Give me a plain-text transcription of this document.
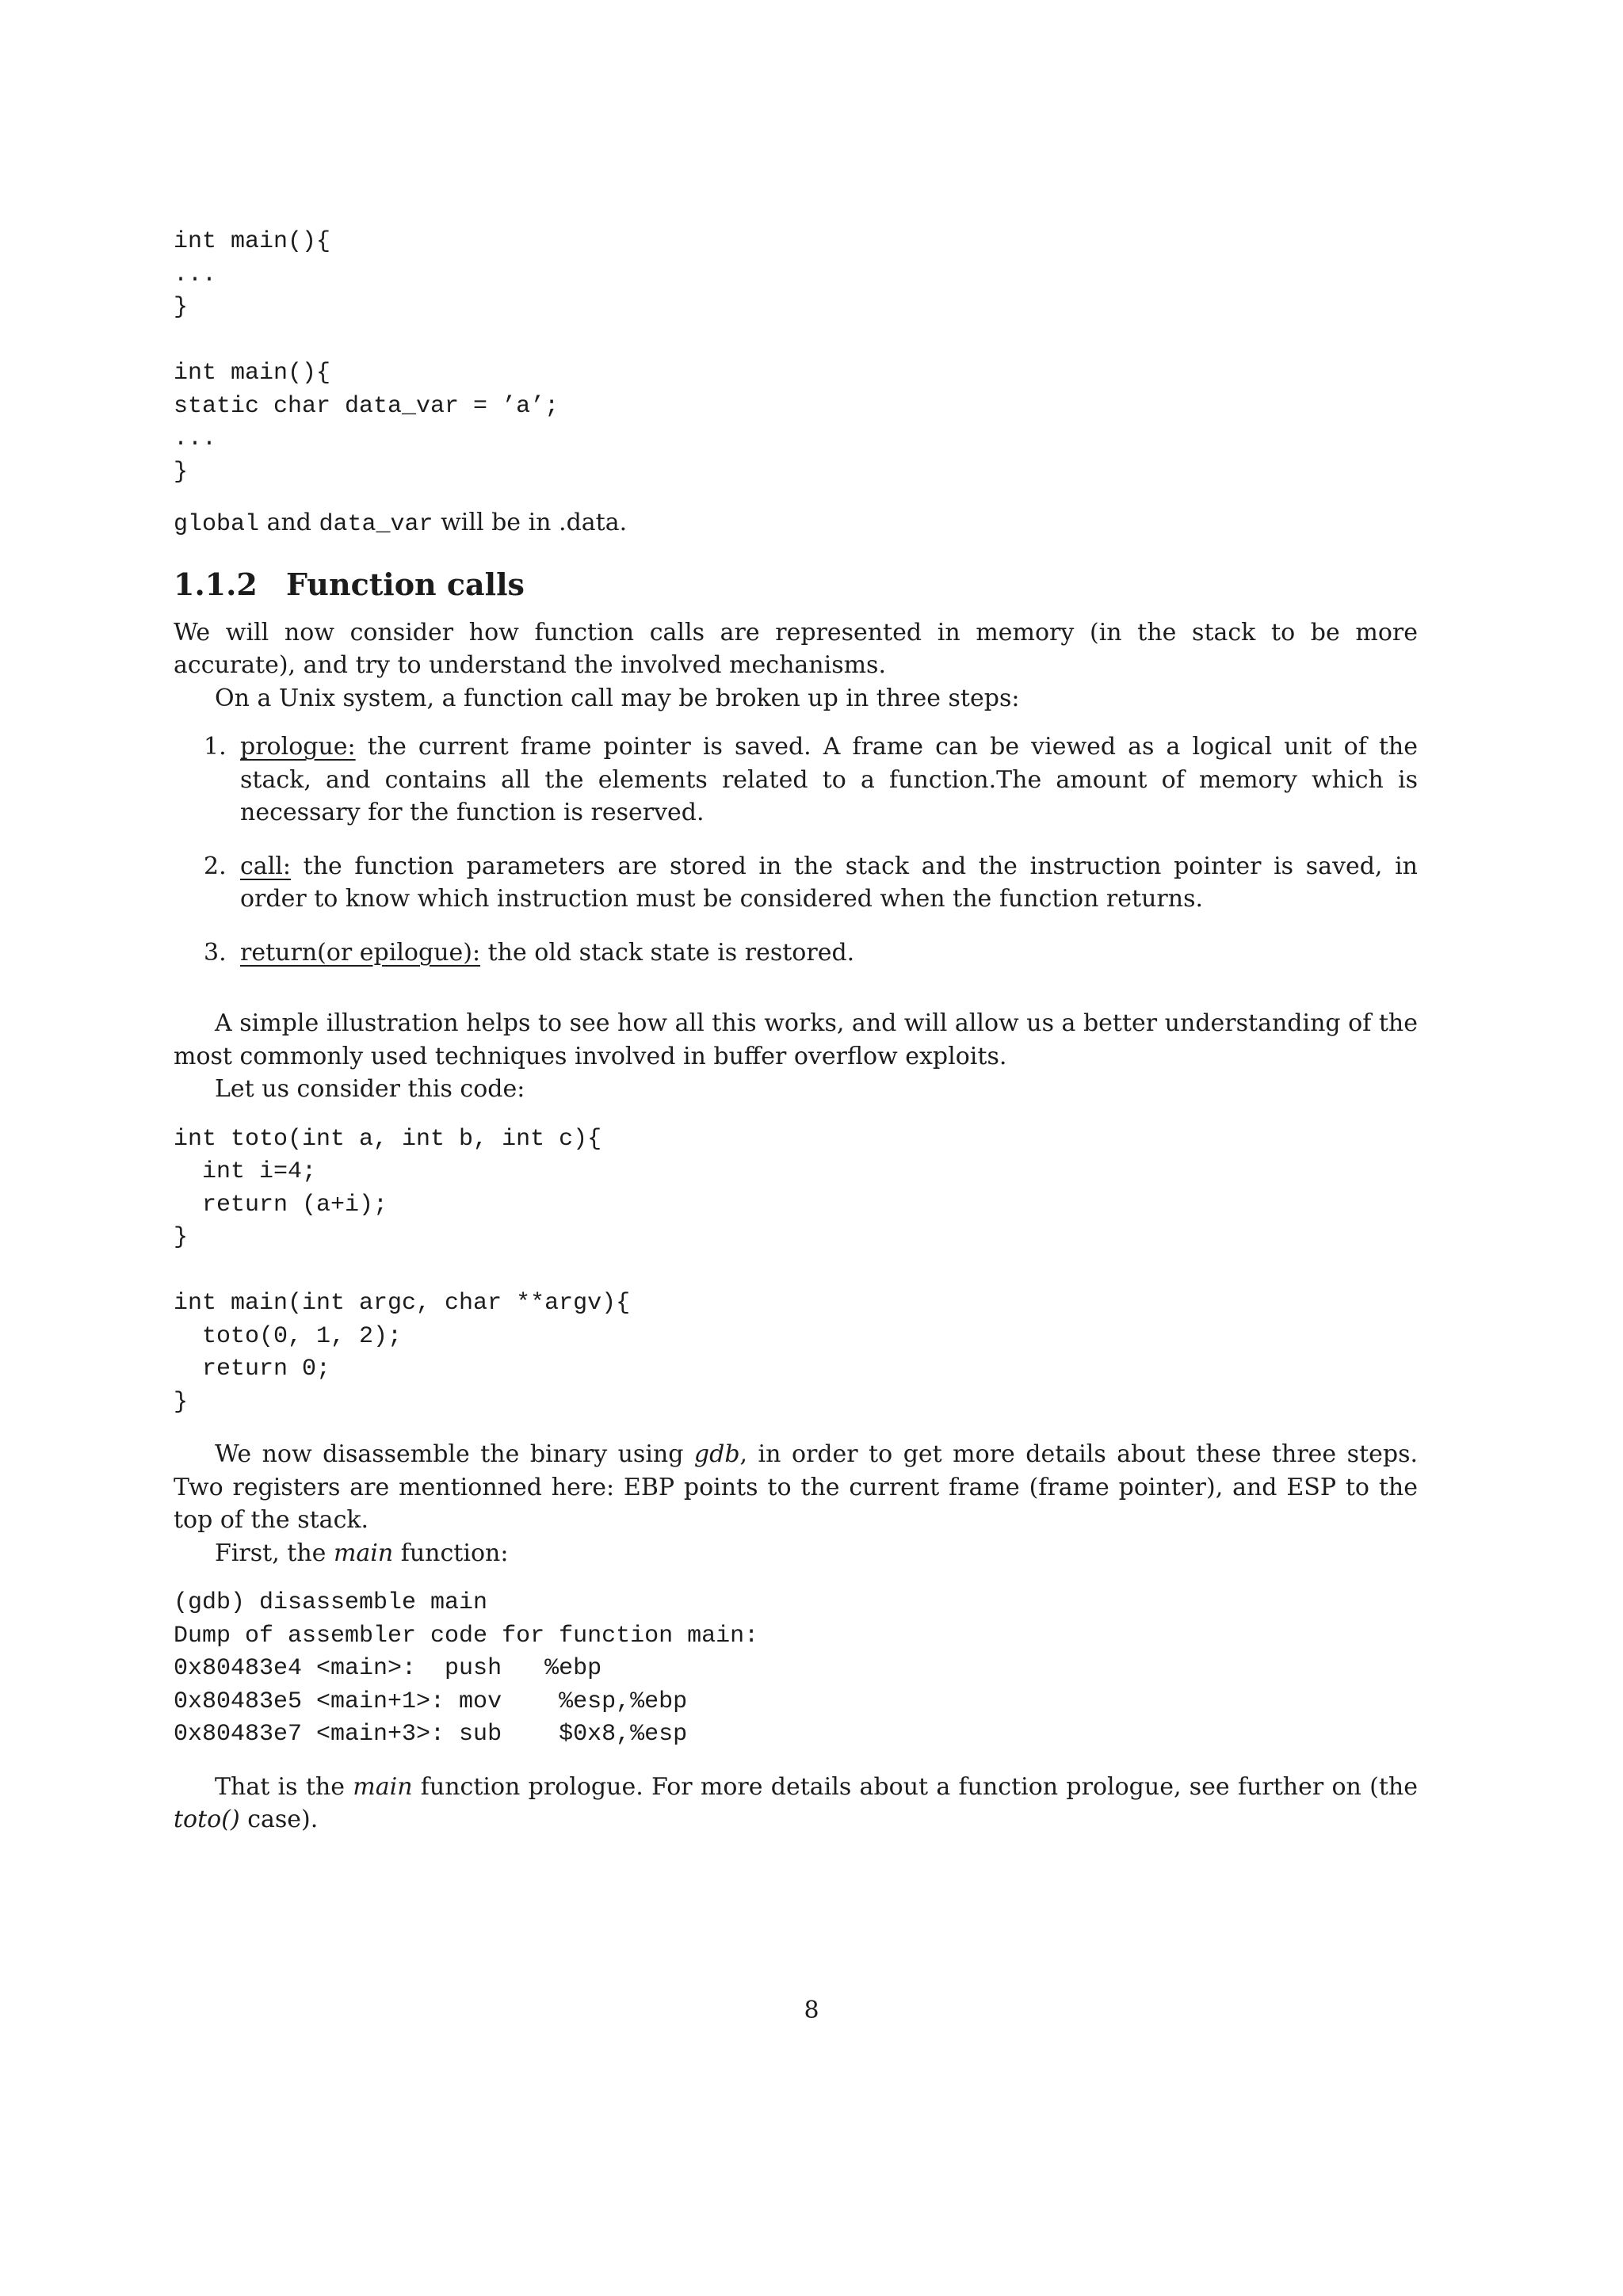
int main(){
...
}
int main(){
static char data_var = ’a’;
...
}

global and data_var will be in .data.

1.1.2 Function calls

We will now consider how function calls are represented in memory (in the stack to be more accurate), and try to understand the involved mechanisms.

On a Unix system, a function call may be broken up in three steps:

1. prologue: the current frame pointer is saved. A frame can be viewed as a logical unit of the stack, and contains all the elements related to a function.The amount of memory which is necessary for the function is reserved.
2. call: the function parameters are stored in the stack and the instruction pointer is saved, in order to know which instruction must be considered when the function returns.
3. return(or epilogue): the old stack state is restored.

A simple illustration helps to see how all this works, and will allow us a better understanding of the most commonly used techniques involved in buffer overflow exploits.

Let us consider this code:

int toto(int a, int b, int c){
int i=4;
return (a+i);
}
int main(int argc, char **argv){
toto(0, 1, 2);
return 0;
}

We now disassemble the binary using gdb, in order to get more details about these three steps. Two registers are mentionned here: EBP points to the current frame (frame pointer), and ESP to the top of the stack.

First, the main function:

(gdb) disassemble main
Dump of assembler code for function main:
0x80483e4 <main>:  push   %ebp
0x80483e5 <main+1>: mov    %esp,%ebp
0x80483e7 <main+3>: sub    $0x8,%esp

That is the main function prologue. For more details about a function prologue, see further on (the toto() case).

8
